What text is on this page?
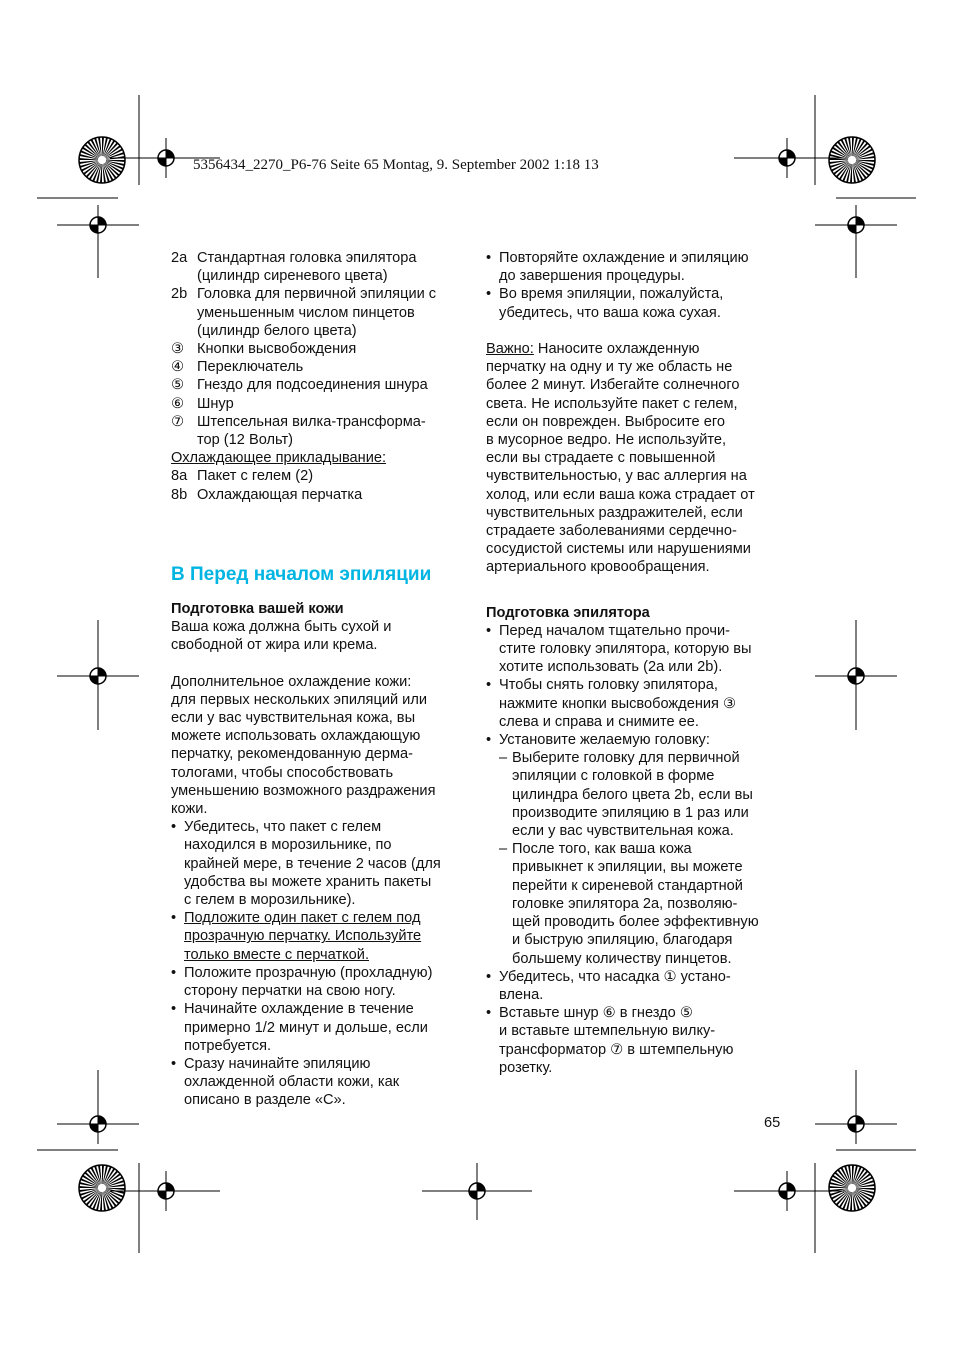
5356434_2270_P6-76 Seite 65 Montag, 9. September 2002 1:18 13
2a Стандартная головка эпилятора
(цилиндр сиреневого цвета)
2b Головка для первичной эпиляции с
уменьшенным числом пинцетов
(цилиндр белого цвета)
③ Кнопки высвобождения
④ Переключатель
⑤ Гнездо для подсоединения шнура
⑥ Шнур
⑦ Штепсельная вилка-трансформа-
тор (12 Вольт)
Охлаждающее прикладывание:
8a Пакет с гелем (2)
8b Охлаждающая перчатка
B Перед началом эпиляции
Подготовка вашей кожи
Ваша кожа должна быть сухой и
свободной от жира или крема.
Дополнительное охлаждение кожи:
для первых нескольких эпиляций или
если у вас чувствительная кожа, вы
можете использовать охлаждающую
перчатку, рекомендованную дерма-
тологами, чтобы способствовать
уменьшению возможного раздражения
кожи.
• Убедитесь, что пакет с гелем
находился в морозильнике, по
крайней мере, в течение 2 часов (для
удобства вы можете хранить пакеты
с гелем в морозильнике).
• Подложите один пакет с гелем под
прозрачную перчатку. Используйте
только вместе с перчаткой.
• Положите прозрачную (прохладную)
сторону перчатки на свою ногу.
• Начинайте охлаждение в течение
примерно 1/2 минут и дольше, если
потребуется.
• Сразу начинайте эпиляцию
охлажденной области кожи, как
описано в разделе «C».
• Повторяйте охлаждение и эпиляцию
до завершения процедуры.
• Во время эпиляции, пожалуйста,
убедитесь, что ваша кожа сухая.
Важно: Наносите охлажденную
перчатку на одну и ту же область не
более 2 минут. Избегайте солнечного
света. Не используйте пакет с гелем,
если он поврежден. Выбросите его
в мусорное ведро. Не используйте,
если вы страдаете с повышенной
чувствительностью, у вас аллергия на
холод, или если ваша кожа страдает от
чувствительных раздражителей, если
страдаете заболеваниями сердечно-
сосудистой системы или нарушениями
артериального кровообращения.
Подготовка эпилятора
• Перед началом тщательно прочи-
стите головку эпилятора, которую вы
хотите использовать (2a или 2b).
• Чтобы снять головку эпилятора,
нажмите кнопки высвобождения ③
слева и справа и снимите ее.
• Установите желаемую головку:
– Выберите головку для первичной
эпиляции с головкой в форме
цилиндра белого цвета 2b, если вы
производите эпиляцию в 1 раз или
если у вас чувствительная кожа.
– После того, как ваша кожа
привыкнет к эпиляции, вы можете
перейти к сиреневой стандартной
головке эпилятора 2a, позволяю-
щей проводить более эффективную
и быструю эпиляцию, благодаря
большему количеству пинцетов.
• Убедитесь, что насадка ① устано-
влена.
• Вставьте шнур ⑥ в гнездо ⑤
и вставьте штемпельную вилку-
трансформатор ⑦ в штемпельную
розетку.
65
